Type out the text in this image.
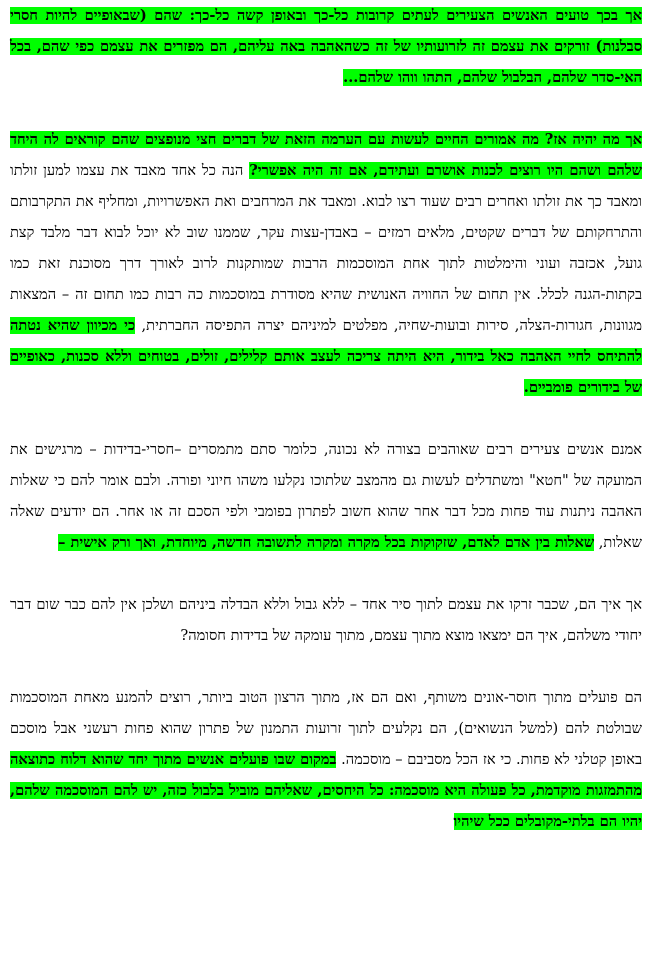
אך בכך טועים האנשים הצעירים לעתים קרובות כל-כך ובאופן קשה כל-כך: שהם (שבאופיים להיות חסרי סבלנות) זורקים את עצמם זה לזרועותיו של זה כשהאהבה באה עליהם, הם מפזרים את עצמם כפי שהם, בכל האי-סדר שלהם, הבלבול שלהם, התהו ווהו שלהם...

אך מה יהיה אז? מה אמורים החיים לעשות עם הערמה הזאת של דברים חצי מנופצים שהם קוראים לה היחד שלהם ושהם היו רוצים לכנות אושרם ועתידם, אם זה היה אפשרי? הנה כל אחד מאבד את עצמו למען זולתו ומאבד כך את זולתו ואחרים רבים שעוד רצו לבוא. ומאבד את המרחבים ואת האפשרויות, ומחליף את התקרבותם והתרחקותם של דברים שקטים, מלאים רמזים – באבדן-עצות עקר, שממנו שוב לא יוכל לבוא דבר מלבד קצת גועל, אכזבה ועוני והימלטות לתוך אחת המוסכמות הרבות שמותקנות לרוב לאורך דרך מסוכנת זאת כמו בקתות-הגנה לכלל. אין תחום של החוויה האנושית שהיא מסודרת במוסכמות כה רבות כמו תחום זה – המצאות מגוונות, חגורות-הצלה, סירות ובועות-שחיה, מפלטים למיניהם יצרה התפיסה החברתית, כי מכיוון שהיא נטתה להתיחס לחיי האהבה כאל בידור, היא היתה צריכה לעצב אותם קלילים, זולים, בטוחים וללא סכנות, כאופיים של בידורים פומביים.

אמנם אנשים צעירים רבים שאוהבים בצורה לא נכונה, כלומר סתם מתמסרים –חסרי-בדידות – מרגישים את המועקה של "חטא" ומשתדלים לעשות גם מהמצב שלתוכו נקלעו משהו חיוני ופורה. ולבם אומר להם כי שאלות האהבה ניתנות עוד פחות מכל דבר אחר שהוא חשוב לפתרון בפומבי ולפי הסכם זה או אחר. הם יודעים שאלה שאלות, שאלות בין אדם לאדם, שזקוקות בכל מקרה ומקרה לתשובה חדשה, מיוחדת, ואך ורק אישית –

אך איך הם, שכבר זרקו את עצמם לתוך סיר אחד – ללא גבול וללא הבדלה ביניהם ושלכן אין להם כבר שום דבר יחודי משלהם, איך הם ימצאו מוצא מתוך עצמם, מתוך עומקה של בדידות חסומה?

הם פועלים מתוך חוסר-אונים משותף, ואם הם אז, מתוך הרצון הטוב ביותר, רוצים להמנע מאחת המוסכמות שבולטת להם (למשל הנשואים), הם נקלעים לתוך זרועות התמנון של פתרון שהוא פחות רעשני אבל מוסכם באופן קטלני לא פחות. כי אז הכל מסביבם – מוסכמה. במקום שבו פועלים אנשים מתוך יחד שהוא דלוח כתוצאה מהתמזגות מוקדמת, כל פעולה היא מוסכמה: כל היחסים, שאליהם מוביל בלבול כזה, יש להם המוסכמה שלהם, יהיו הם בלתי-מקובלים ככל שיהיו
